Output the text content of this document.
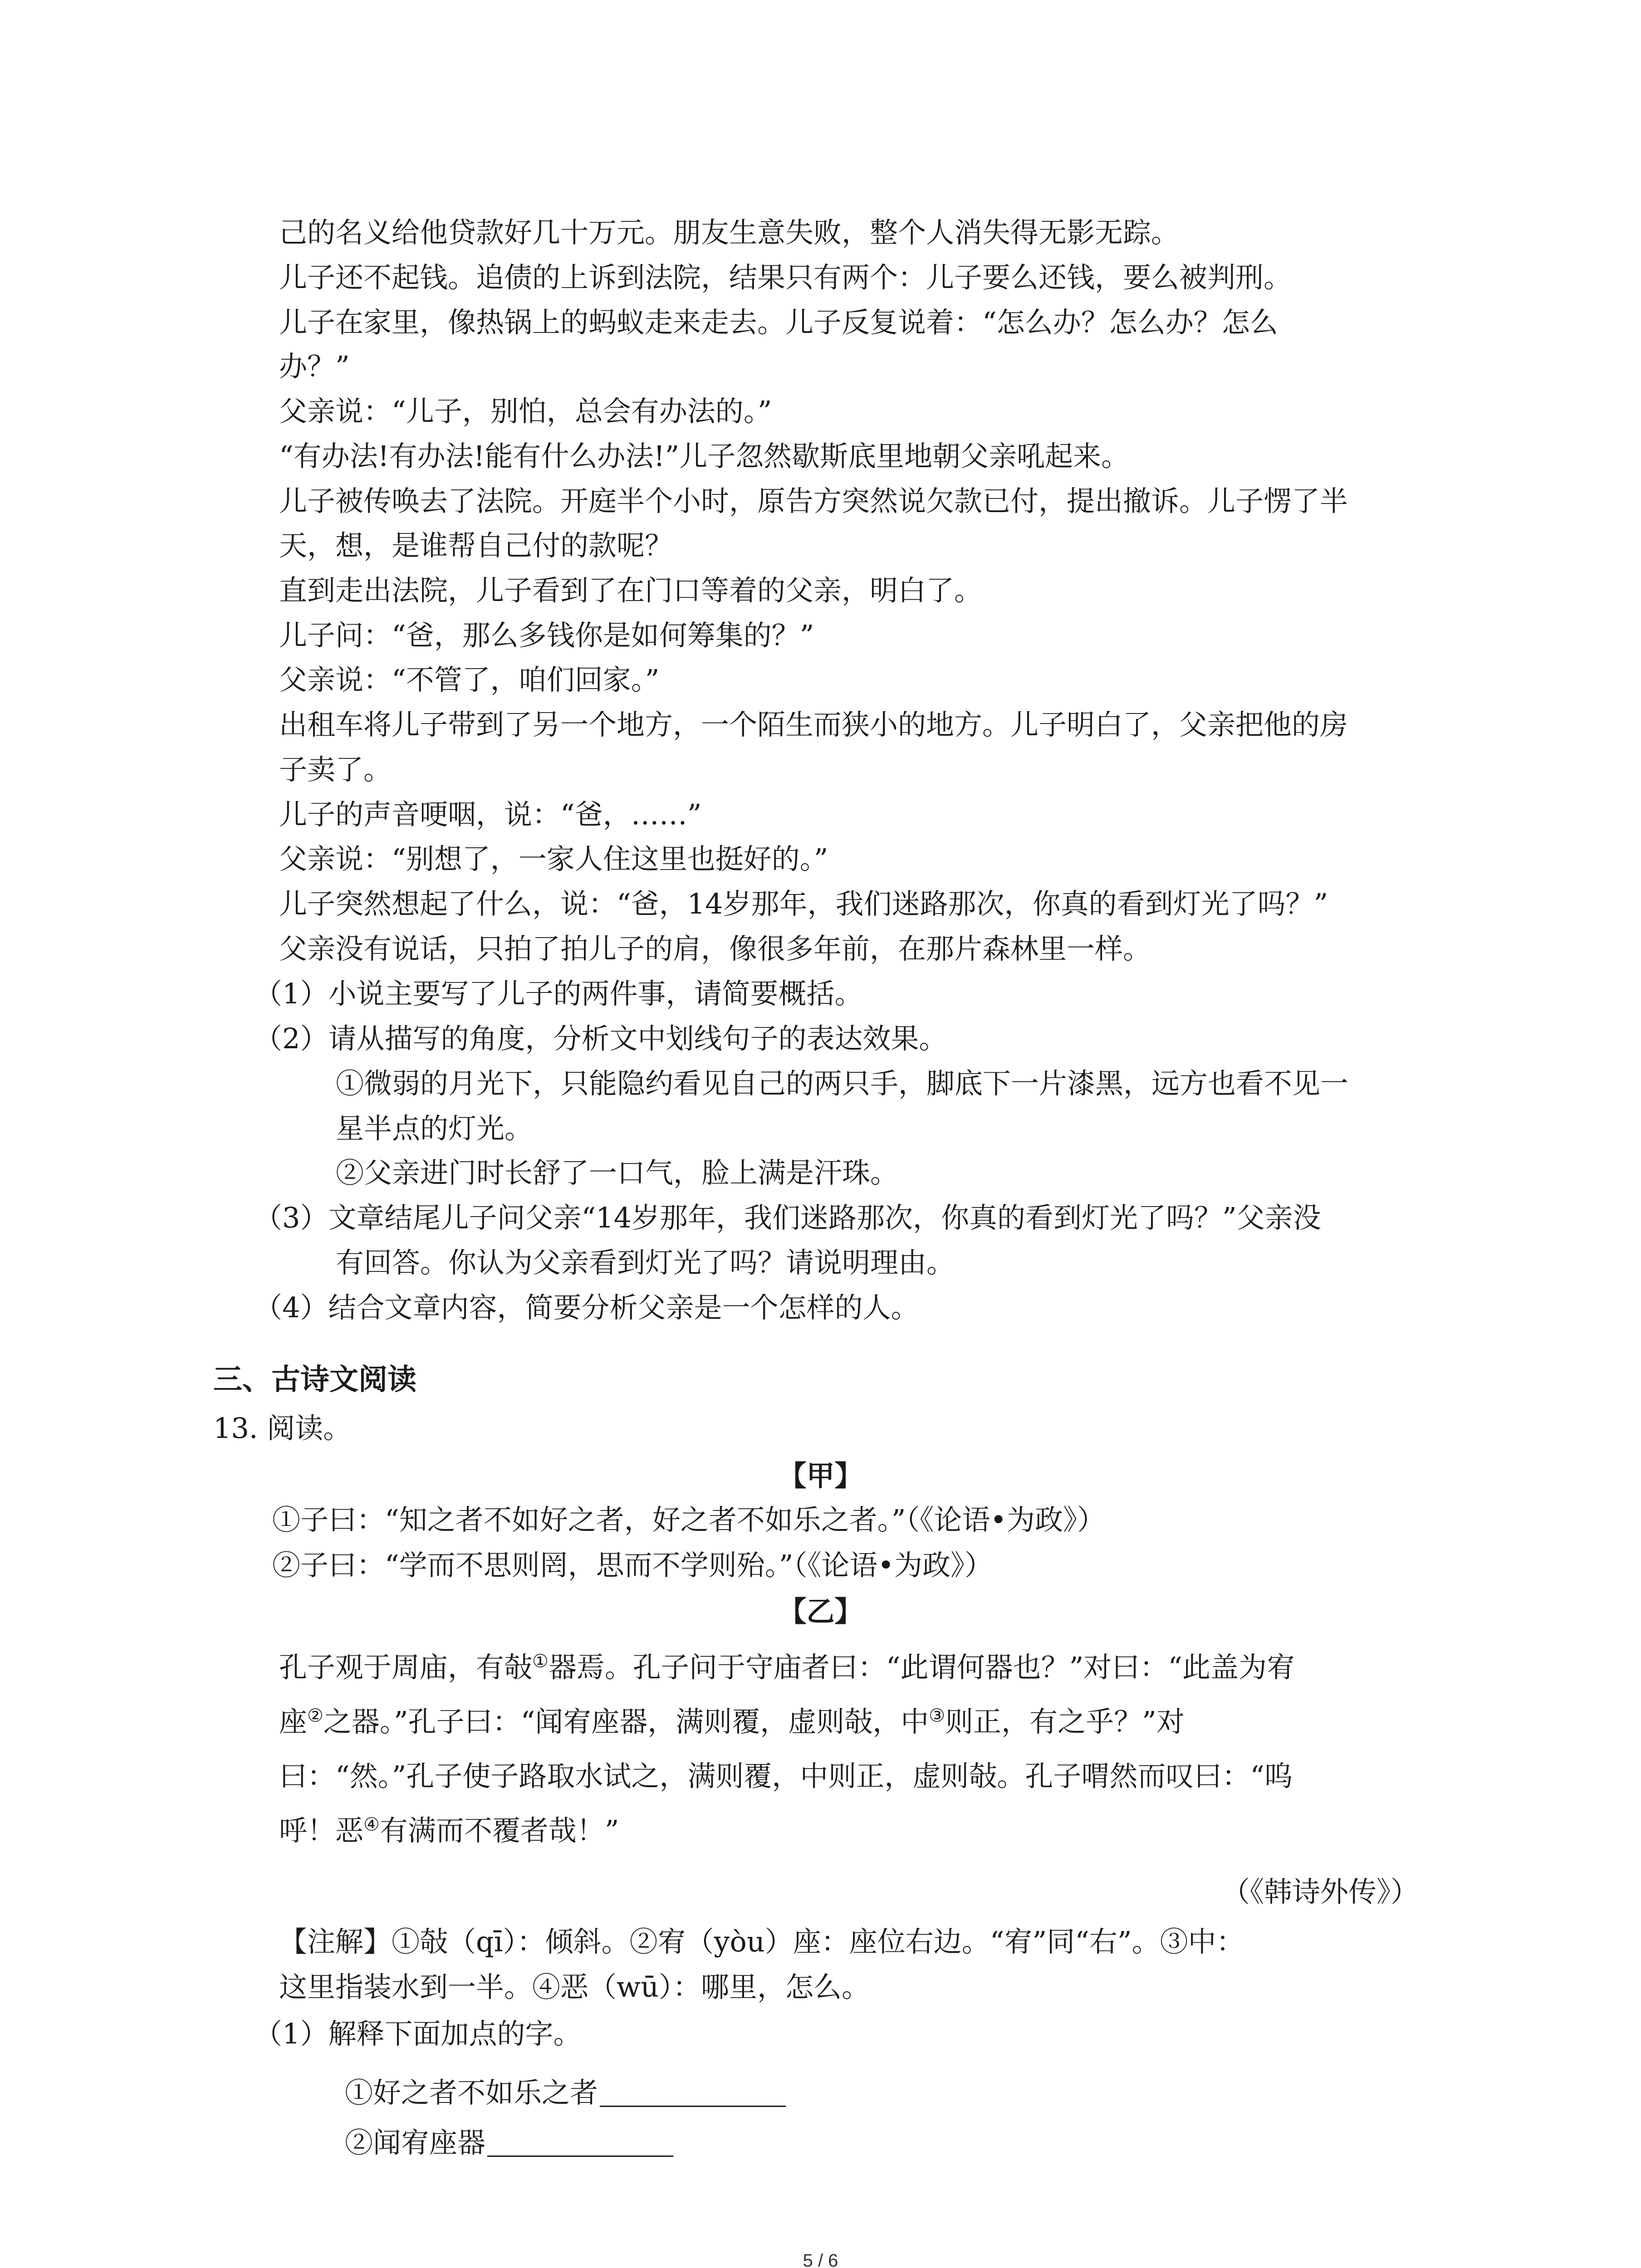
己的名义给他贷款好几十万元。朋友生意失败，整个人消失得无影无踪。
儿子还不起钱。追债的上诉到法院，结果只有两个：儿子要么还钱，要么被判刑。
儿子在家里，像热锅上的蚂蚁走来走去。儿子反复说着：“怎么办？怎么办？怎么
办？”
父亲说：“儿子，别怕，总会有办法的。”
“有办法!有办法!能有什么办法!”儿子忽然歇斯底里地朝父亲吼起来。
儿子被传唤去了法院。开庭半个小时，原告方突然说欠款已付，提出撤诉。儿子愣了半
天，想，是谁帮自己付的款呢？
直到走出法院，儿子看到了在门口等着的父亲，明白了。
儿子问：“爸，那么多钱你是如何筹集的？”
父亲说：“不管了，咱们回家。”
出租车将儿子带到了另一个地方，一个陌生而狭小的地方。儿子明白了，父亲把他的房
子卖了。
儿子的声音哽咽，说：“爸，……”
父亲说：“别想了，一家人住这里也挺好的。”
儿子突然想起了什么，说：“爸，14岁那年，我们迷路那次，你真的看到灯光了吗？”
父亲没有说话，只拍了拍儿子的肩，像很多年前，在那片森林里一样。
（1）小说主要写了儿子的两件事，请简要概括。
（2）请从描写的角度，分析文中划线句子的表达效果。
①微弱的月光下，只能隐约看见自己的两只手，脚底下一片漆黑，远方也看不见一
星半点的灯光。
②父亲进门时长舒了一口气，脸上满是汗珠。
（3）文章结尾儿子问父亲“14岁那年，我们迷路那次，你真的看到灯光了吗？”父亲没
有回答。你认为父亲看到灯光了吗？请说明理由。
（4）结合文章内容，简要分析父亲是一个怎样的人。
三、古诗文阅读
13. 阅读。
【甲】
①子曰：“知之者不如好之者，好之者不如乐之者。”（《论语•为政》）
②子曰：“学而不思则罔，思而不学则殆。”（《论语•为政》）
【乙】
孔子观于周庙，有敧①器焉。孔子问于守庙者曰：“此谓何器也？”对曰：“此盖为宥
座②之器。”孔子曰：“闻宥座器，满则覆，虚则敧，中③则正，有之乎？”对
曰：“然。”孔子使子路取水试之，满则覆，中则正，虚则敧。孔子喟然而叹曰：“呜
呼！恶④有满而不覆者哉！”
（《韩诗外传》）
【注解】①敧（qī）：倾斜。②宥（yòu）座：座位右边。“宥”同“右”。③中：
这里指装水到一半。④恶（wū）：哪里，怎么。
（1）解释下面加点的字。
①好之者不如乐之者
②闻宥座器
5 / 6
